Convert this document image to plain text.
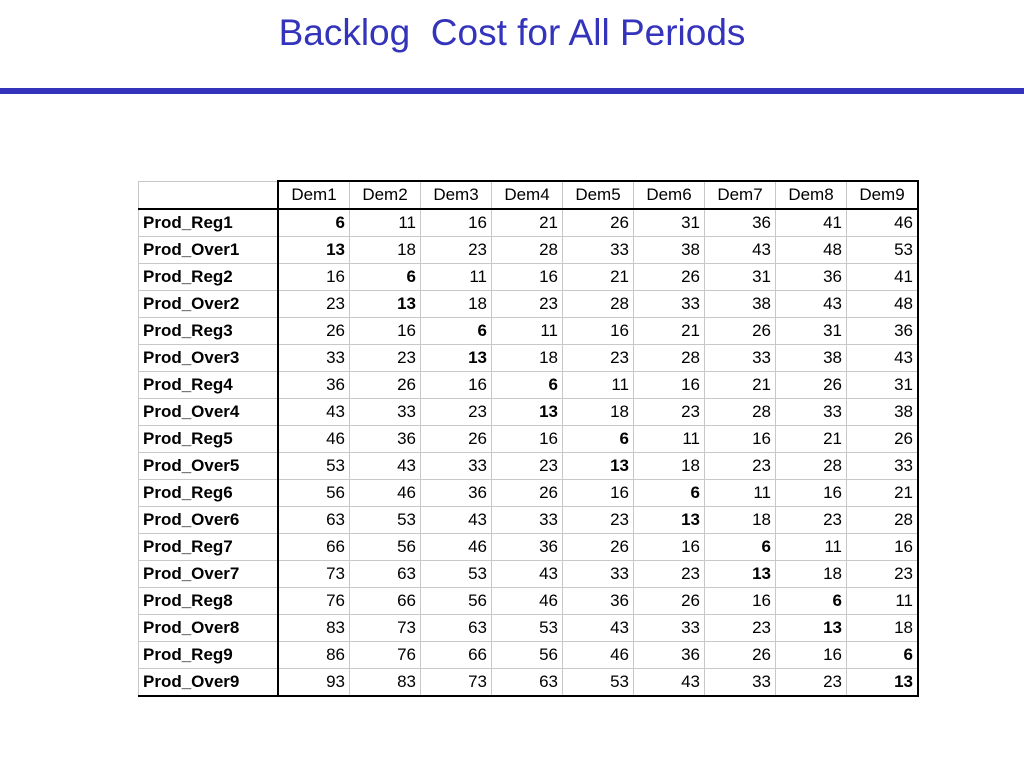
Backlog  Cost for All Periods
	Dem1	Dem2	Dem3	Dem4	Dem5	Dem6	Dem7	Dem8	Dem9
Prod_Reg1	6	11	16	21	26	31	36	41	46
Prod_Over1	13	18	23	28	33	38	43	48	53
Prod_Reg2	16	6	11	16	21	26	31	36	41
Prod_Over2	23	13	18	23	28	33	38	43	48
Prod_Reg3	26	16	6	11	16	21	26	31	36
Prod_Over3	33	23	13	18	23	28	33	38	43
Prod_Reg4	36	26	16	6	11	16	21	26	31
Prod_Over4	43	33	23	13	18	23	28	33	38
Prod_Reg5	46	36	26	16	6	11	16	21	26
Prod_Over5	53	43	33	23	13	18	23	28	33
Prod_Reg6	56	46	36	26	16	6	11	16	21
Prod_Over6	63	53	43	33	23	13	18	23	28
Prod_Reg7	66	56	46	36	26	16	6	11	16
Prod_Over7	73	63	53	43	33	23	13	18	23
Prod_Reg8	76	66	56	46	36	26	16	6	11
Prod_Over8	83	73	63	53	43	33	23	13	18
Prod_Reg9	86	76	66	56	46	36	26	16	6
Prod_Over9	93	83	73	63	53	43	33	23	13
